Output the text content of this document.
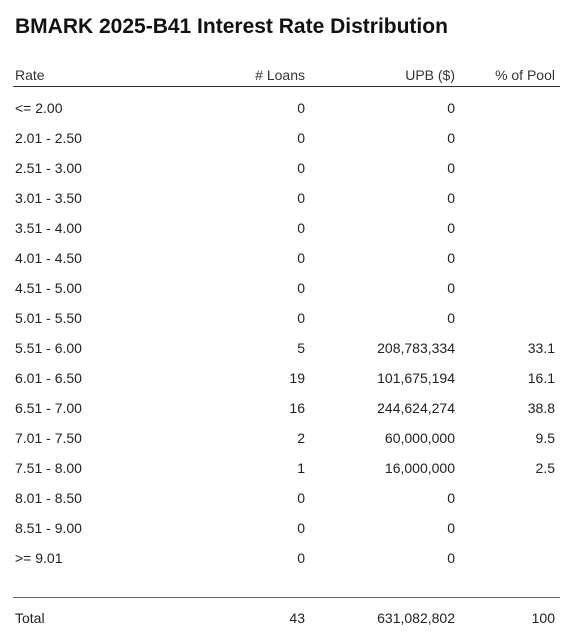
BMARK 2025-B41 Interest Rate Distribution
Rate	# Loans	UPB ($)	% of Pool
<= 2.00	0	0
2.01 - 2.50	0	0
2.51 - 3.00	0	0
3.01 - 3.50	0	0
3.51 - 4.00	0	0
4.01 - 4.50	0	0
4.51 - 5.00	0	0
5.01 - 5.50	0	0
5.51 - 6.00	5	208,783,334	33.1
6.01 - 6.50	19	101,675,194	16.1
6.51 - 7.00	16	244,624,274	38.8
7.01 - 7.50	2	60,000,000	9.5
7.51 - 8.00	1	16,000,000	2.5
8.01 - 8.50	0	0
8.51 - 9.00	0	0
>= 9.01	0	0
Total	43	631,082,802	100
